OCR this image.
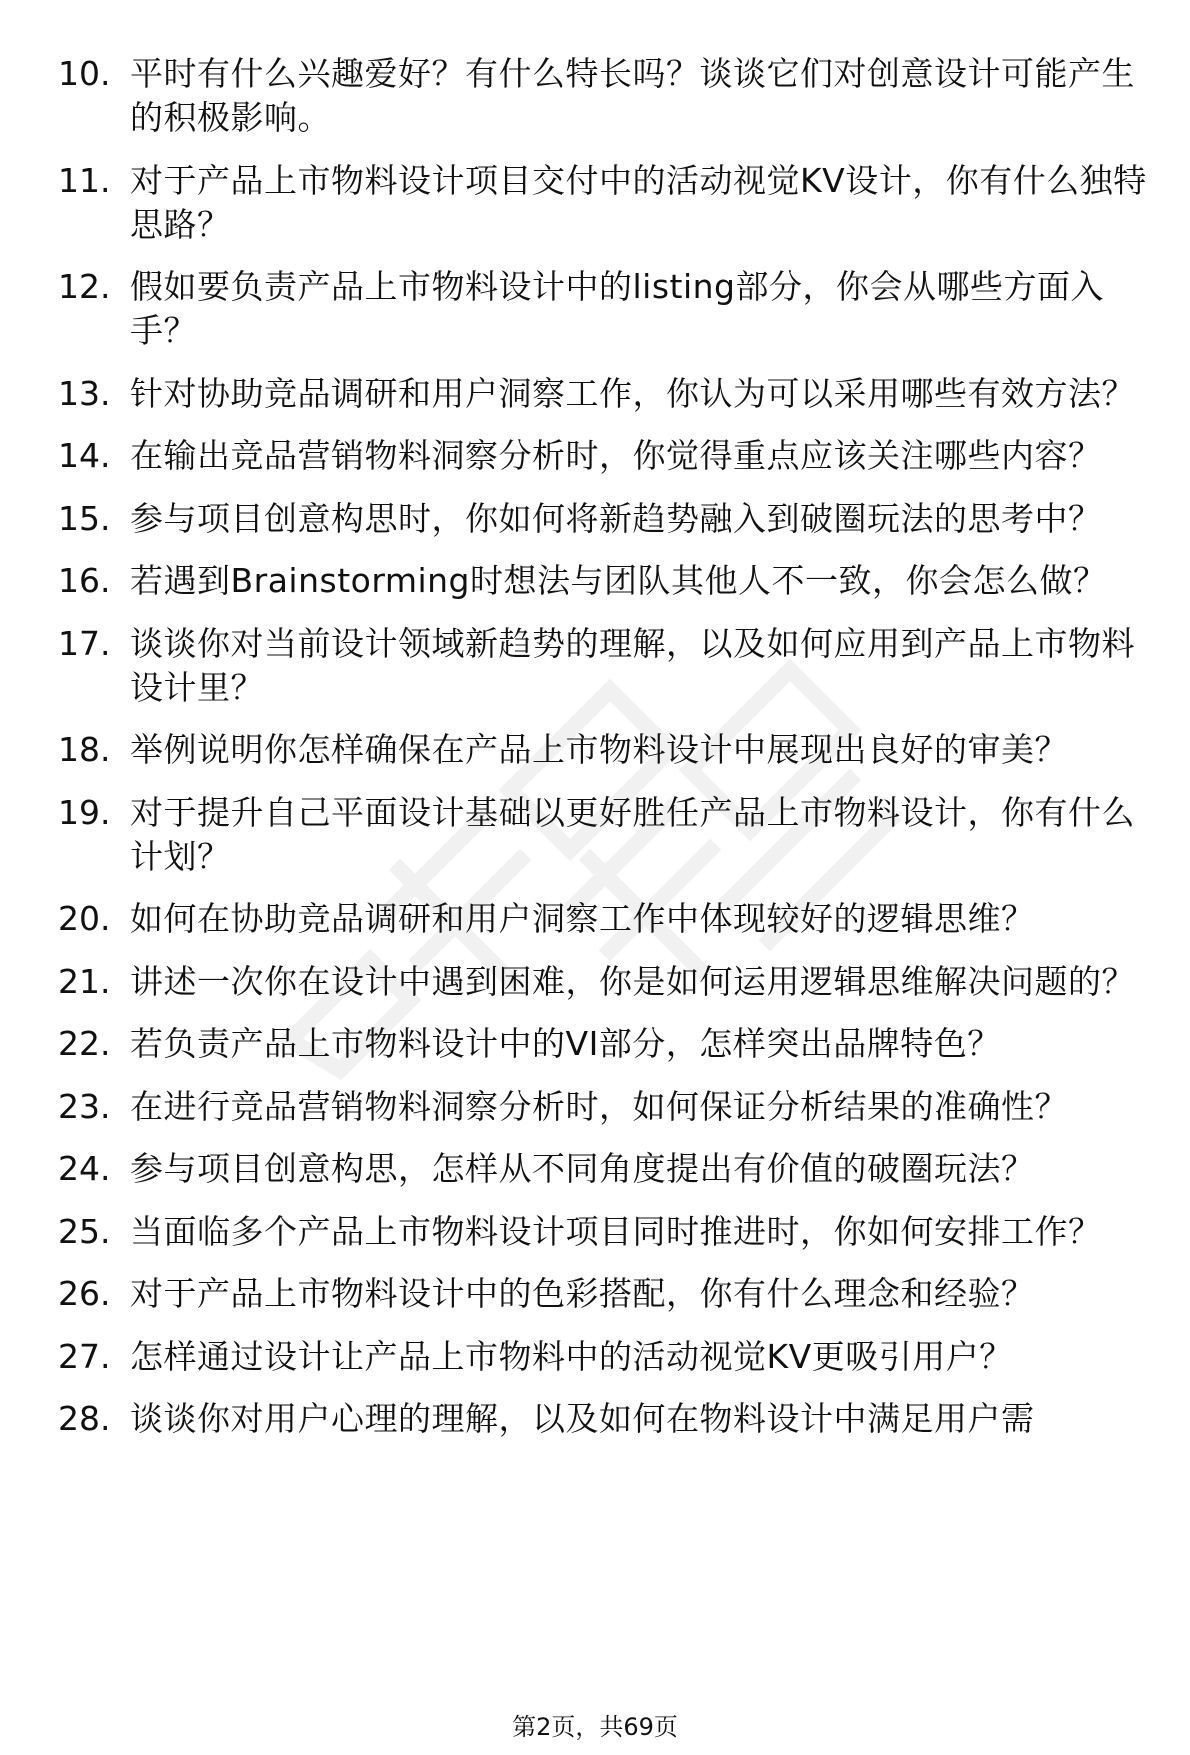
10. 平时有什么兴趣爱好？有什么特长吗？谈谈它们对创意设计可能产生的积极影响。
11. 对于产品上市物料设计项目交付中的活动视觉KV设计，你有什么独特思路？
12. 假如要负责产品上市物料设计中的listing部分，你会从哪些方面入手？
13. 针对协助竞品调研和用户洞察工作，你认为可以采用哪些有效方法？
14. 在输出竞品营销物料洞察分析时，你觉得重点应该关注哪些内容？
15. 参与项目创意构思时，你如何将新趋势融入到破圈玩法的思考中？
16. 若遇到Brainstorming时想法与团队其他人不一致，你会怎么做？
17. 谈谈你对当前设计领域新趋势的理解，以及如何应用到产品上市物料设计里？
18. 举例说明你怎样确保在产品上市物料设计中展现出良好的审美？
19. 对于提升自己平面设计基础以更好胜任产品上市物料设计，你有什么计划？
20. 如何在协助竞品调研和用户洞察工作中体现较好的逻辑思维？
21. 讲述一次你在设计中遇到困难，你是如何运用逻辑思维解决问题的？
22. 若负责产品上市物料设计中的VI部分，怎样突出品牌特色？
23. 在进行竞品营销物料洞察分析时，如何保证分析结果的准确性？
24. 参与项目创意构思，怎样从不同角度提出有价值的破圈玩法？
25. 当面临多个产品上市物料设计项目同时推进时，你如何安排工作？
26. 对于产品上市物料设计中的色彩搭配，你有什么理念和经验？
27. 怎样通过设计让产品上市物料中的活动视觉KV更吸引用户？
28. 谈谈你对用户心理的理解，以及如何在物料设计中满足用户需
第2页，共69页
